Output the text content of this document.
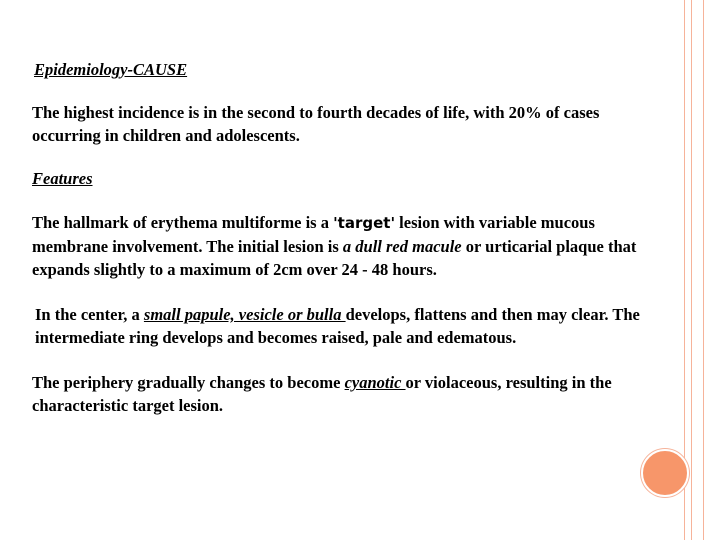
Epidemiology-CAUSE

The highest incidence is in the second to fourth decades of life, with 20% of cases occurring in children and adolescents.

Features

The hallmark of erythema multiforme is a 'target' lesion with variable mucous membrane involvement. The initial lesion is a dull red macule or urticarial plaque that expands slightly to a maximum of 2cm over 24 - 48 hours.

In the center, a small papule, vesicle or bulla develops, flattens and then may clear. The intermediate ring develops and becomes raised, pale and edematous.

The periphery gradually changes to become cyanotic or violaceous, resulting in the characteristic target lesion.
